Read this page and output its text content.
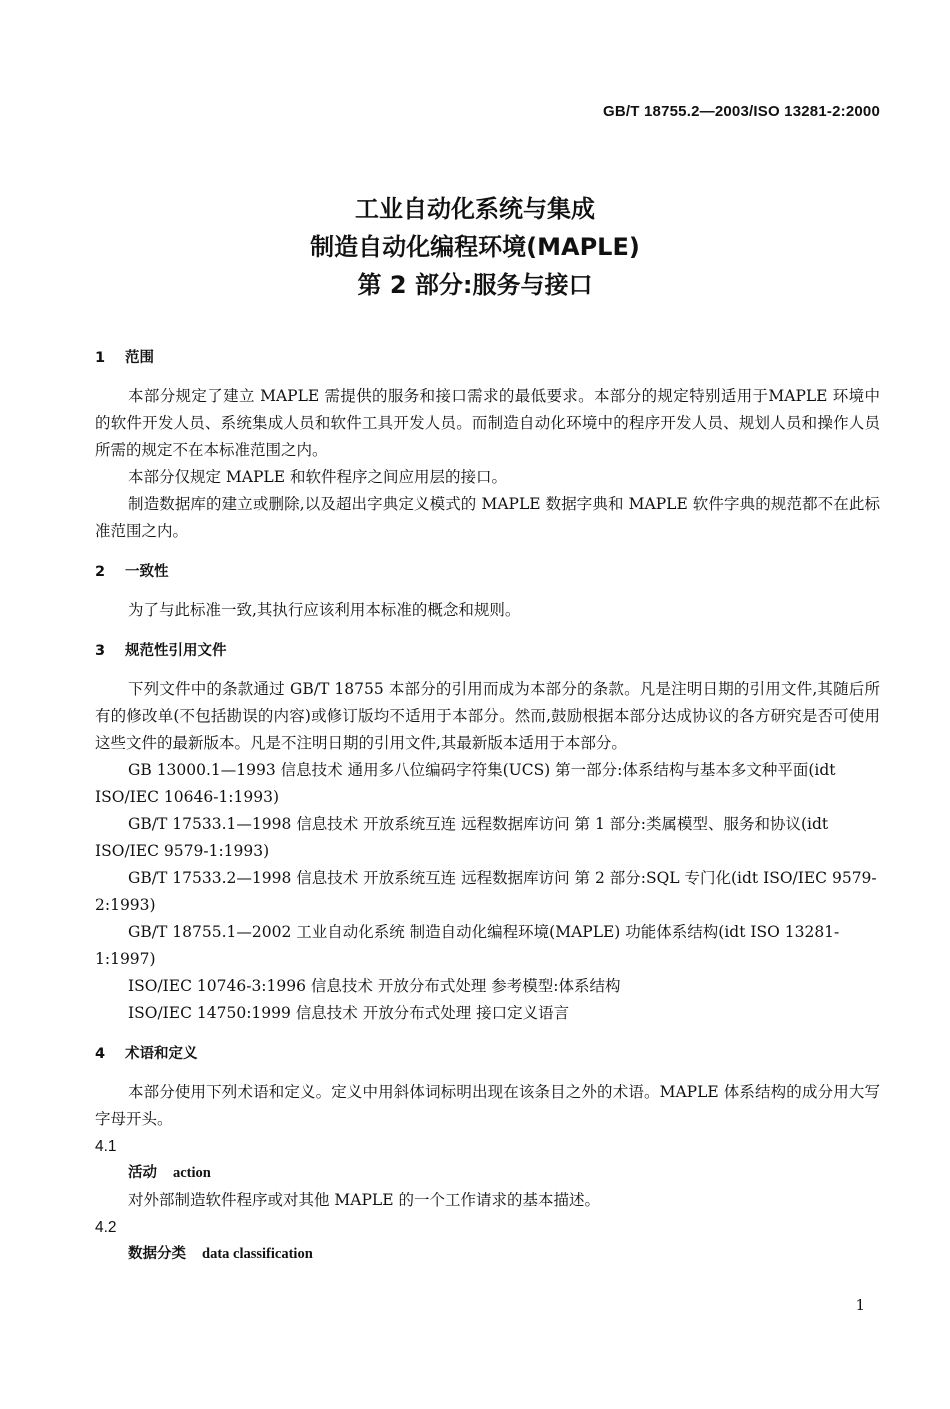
GB/T 18755.2—2003/ISO 13281-2:2000
工业自动化系统与集成
制造自动化编程环境(MAPLE)
第 2 部分:服务与接口
1 范围

本部分规定了建立 MAPLE 需提供的服务和接口需求的最低要求。本部分的规定特别适用于MAPLE 环境中的软件开发人员、系统集成人员和软件工具开发人员。而制造自动化环境中的程序开发人员、规划人员和操作人员所需的规定不在本标准范围之内。

本部分仅规定 MAPLE 和软件程序之间应用层的接口。

制造数据库的建立或删除,以及超出字典定义模式的 MAPLE 数据字典和 MAPLE 软件字典的规范都不在此标准范围之内。

2 一致性

为了与此标准一致,其执行应该利用本标准的概念和规则。

3 规范性引用文件

下列文件中的条款通过 GB/T 18755 本部分的引用而成为本部分的条款。凡是注明日期的引用文件,其随后所有的修改单(不包括勘误的内容)或修订版均不适用于本部分。然而,鼓励根据本部分达成协议的各方研究是否可使用这些文件的最新版本。凡是不注明日期的引用文件,其最新版本适用于本部分。

GB 13000.1—1993 信息技术 通用多八位编码字符集(UCS) 第一部分:体系结构与基本多文种平面(idt ISO/IEC 10646-1:1993)

GB/T 17533.1—1998 信息技术 开放系统互连 远程数据库访问 第 1 部分:类属模型、服务和协议(idt ISO/IEC 9579-1:1993)

GB/T 17533.2—1998 信息技术 开放系统互连 远程数据库访问 第 2 部分:SQL 专门化(idt ISO/IEC 9579-2:1993)

GB/T 18755.1—2002 工业自动化系统 制造自动化编程环境(MAPLE) 功能体系结构(idt ISO 13281-1:1997)

ISO/IEC 10746-3:1996 信息技术 开放分布式处理 参考模型:体系结构

ISO/IEC 14750:1999 信息技术 开放分布式处理 接口定义语言

4 术语和定义

本部分使用下列术语和定义。定义中用斜体词标明出现在该条目之外的术语。MAPLE 体系结构的成分用大写字母开头。

4.1

活动 action

对外部制造软件程序或对其他 MAPLE 的一个工作请求的基本描述。

4.2

数据分类 data classification

1
